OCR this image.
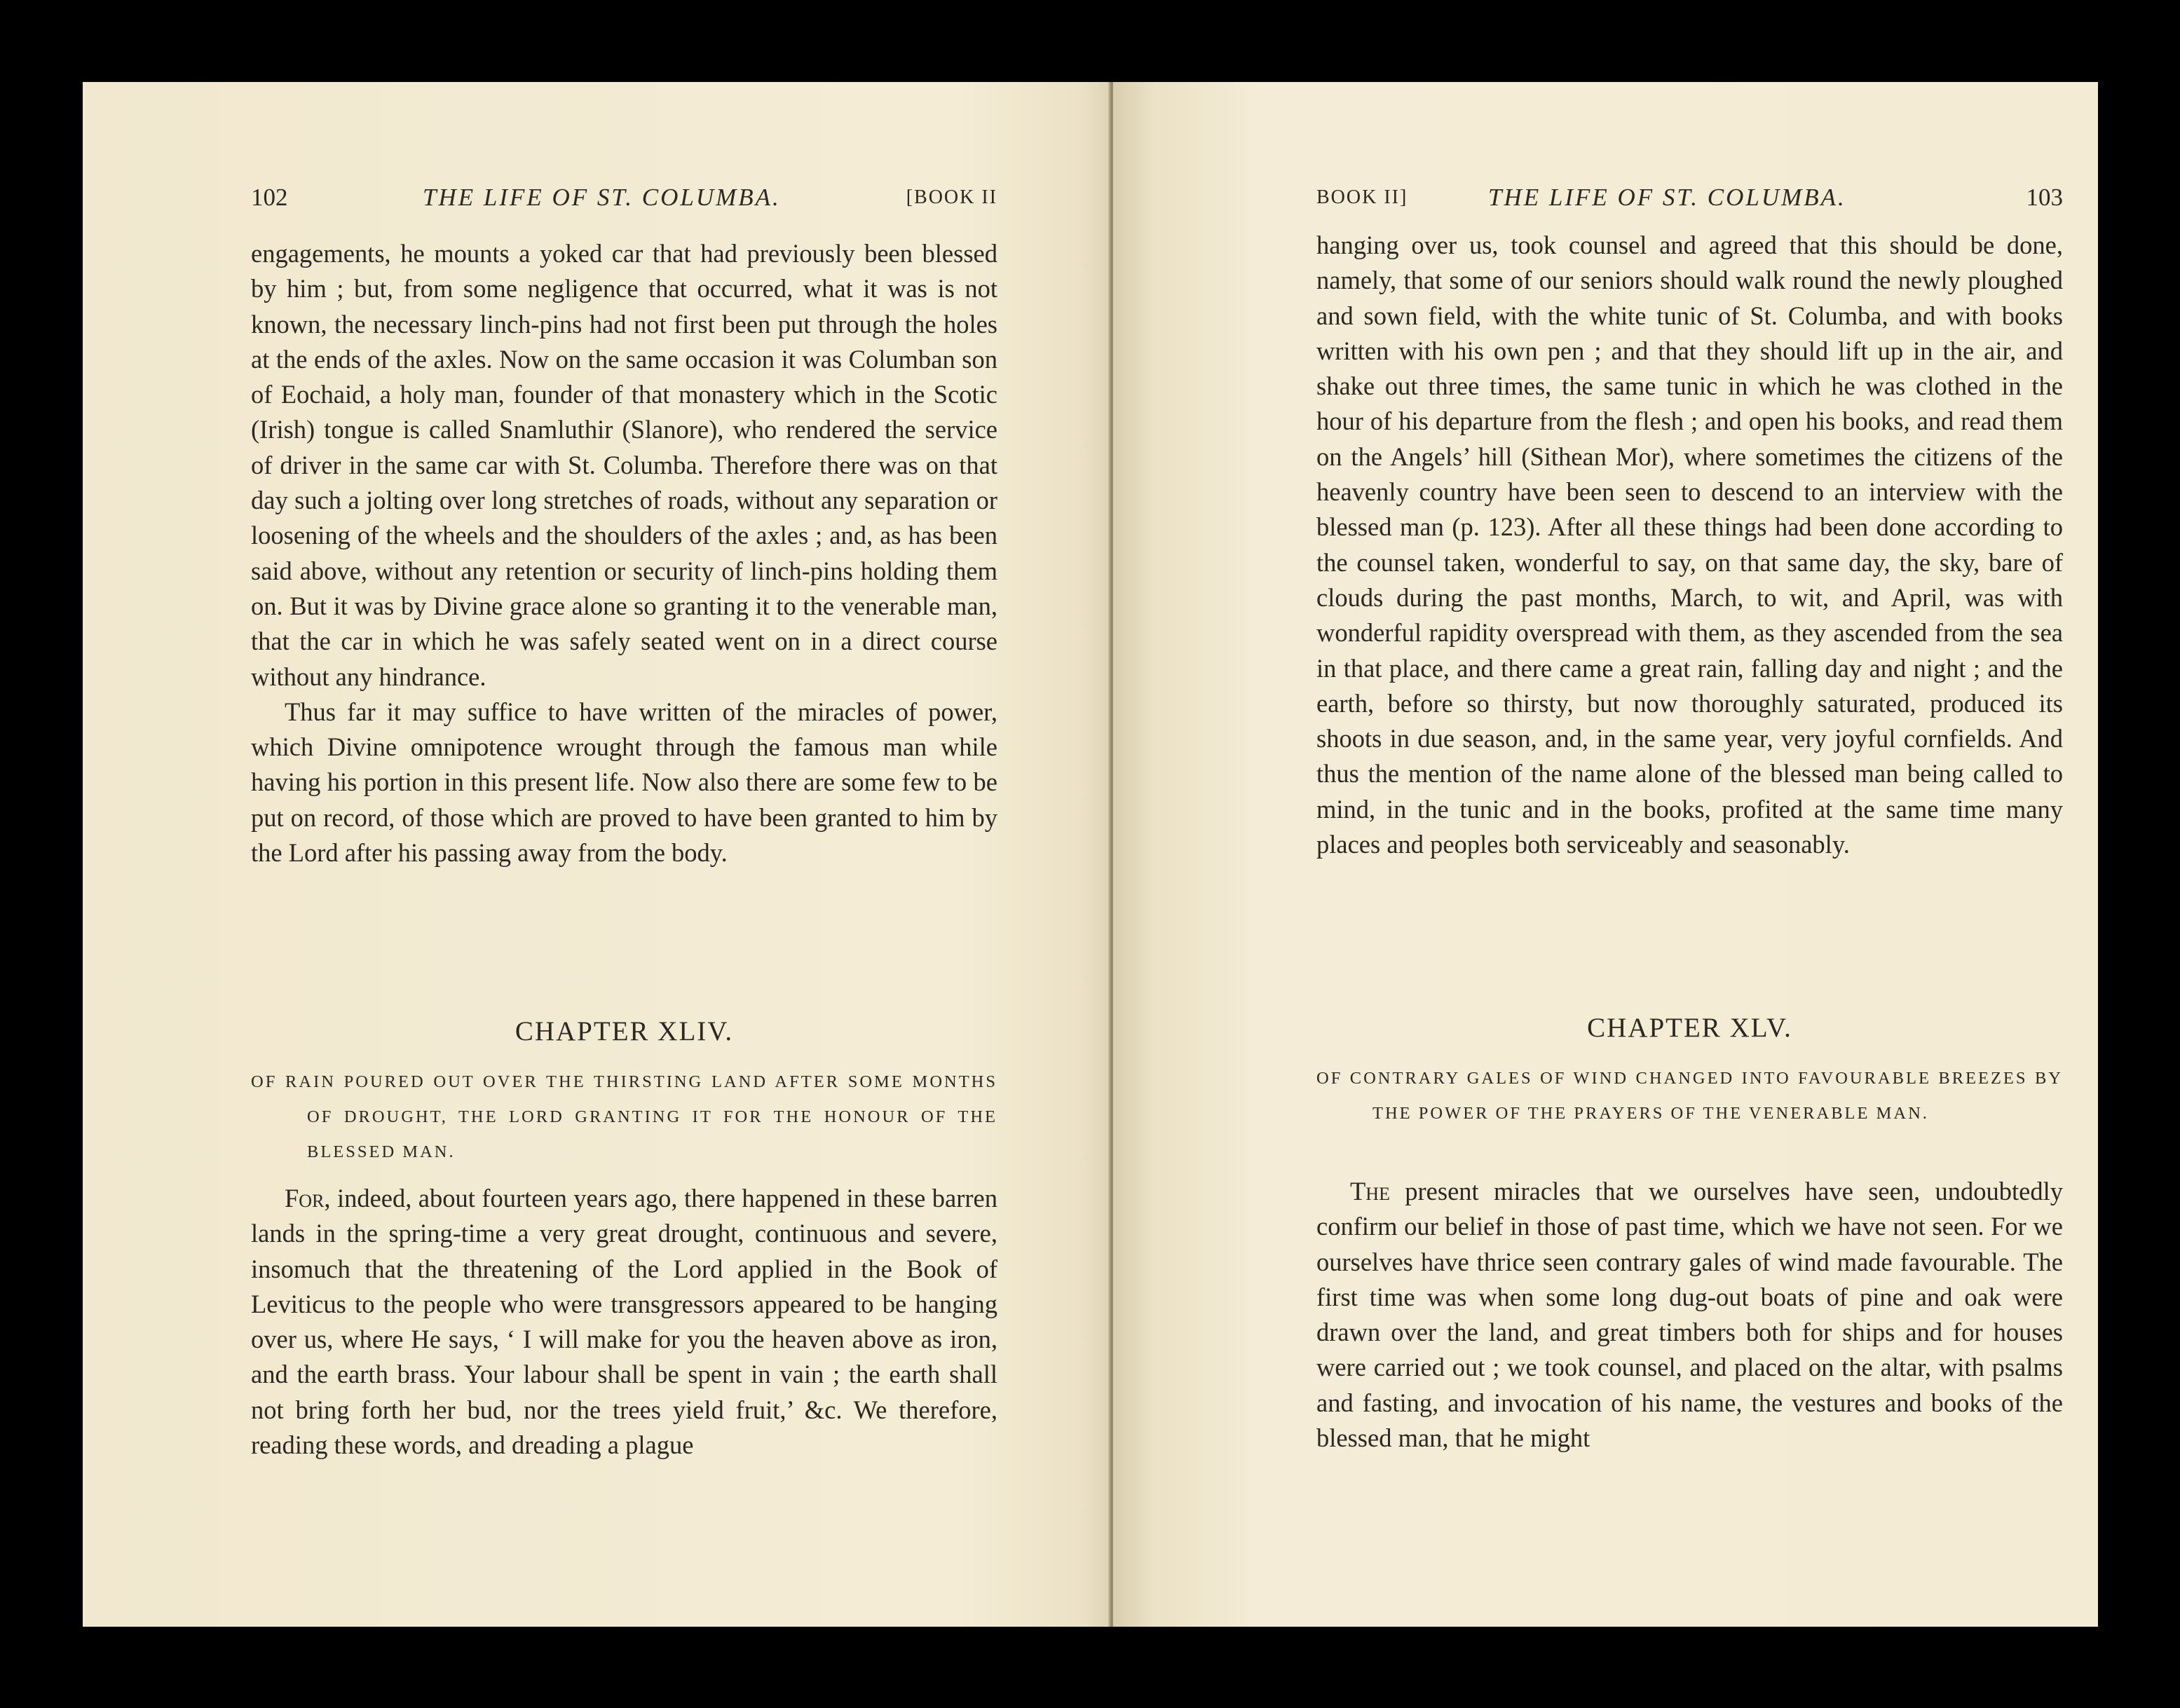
102	THE LIFE OF ST. COLUMBA.	[BOOK II

engagements, he mounts a yoked car that had previously been blessed by him ; but, from some negligence that occurred, what it was is not known, the necessary linch-pins had not first been put through the holes at the ends of the axles. Now on the same occasion it was Columban son of Eochaid, a holy man, founder of that monastery which in the Scotic (Irish) tongue is called Snamluthir (Slanore), who rendered the service of driver in the same car with St. Columba. Therefore there was on that day such a jolting over long stretches of roads, without any separation or loosening of the wheels and the shoulders of the axles ; and, as has been said above, without any retention or security of linch-pins holding them on. But it was by Divine grace alone so granting it to the venerable man, that the car in which he was safely seated went on in a direct course without any hindrance.

Thus far it may suffice to have written of the miracles of power, which Divine omnipotence wrought through the famous man while having his portion in this present life. Now also there are some few to be put on record, of those which are proved to have been granted to him by the Lord after his passing away from the body.

CHAPTER XLIV.

OF RAIN POURED OUT OVER THE THIRSTING LAND AFTER SOME MONTHS OF DROUGHT, THE LORD GRANTING IT FOR THE HONOUR OF THE BLESSED MAN.

For, indeed, about fourteen years ago, there happened in these barren lands in the spring-time a very great drought, continuous and severe, insomuch that the threatening of the Lord applied in the Book of Leviticus to the people who were transgressors appeared to be hanging over us, where He says, ‘ I will make for you the heaven above as iron, and the earth brass. Your labour shall be spent in vain ; the earth shall not bring forth her bud, nor the trees yield fruit,’ &c. We therefore, reading these words, and dreading a plague

BOOK II]	THE LIFE OF ST. COLUMBA.	103

hanging over us, took counsel and agreed that this should be done, namely, that some of our seniors should walk round the newly ploughed and sown field, with the white tunic of St. Columba, and with books written with his own pen ; and that they should lift up in the air, and shake out three times, the same tunic in which he was clothed in the hour of his departure from the flesh ; and open his books, and read them on the Angels’ hill (Sithean Mor), where sometimes the citizens of the heavenly country have been seen to descend to an interview with the blessed man (p. 123). After all these things had been done according to the counsel taken, wonderful to say, on that same day, the sky, bare of clouds during the past months, March, to wit, and April, was with wonderful rapidity overspread with them, as they ascended from the sea in that place, and there came a great rain, falling day and night ; and the earth, before so thirsty, but now thoroughly saturated, produced its shoots in due season, and, in the same year, very joyful cornfields. And thus the mention of the name alone of the blessed man being called to mind, in the tunic and in the books, profited at the same time many places and peoples both serviceably and seasonably.

CHAPTER XLV.

OF CONTRARY GALES OF WIND CHANGED INTO FAVOURABLE BREEZES BY THE POWER OF THE PRAYERS OF THE VENERABLE MAN.

The present miracles that we ourselves have seen, undoubtedly confirm our belief in those of past time, which we have not seen. For we ourselves have thrice seen contrary gales of wind made favourable. The first time was when some long dug-out boats of pine and oak were drawn over the land, and great timbers both for ships and for houses were carried out ; we took counsel, and placed on the altar, with psalms and fasting, and invocation of his name, the vestures and books of the blessed man, that he might
